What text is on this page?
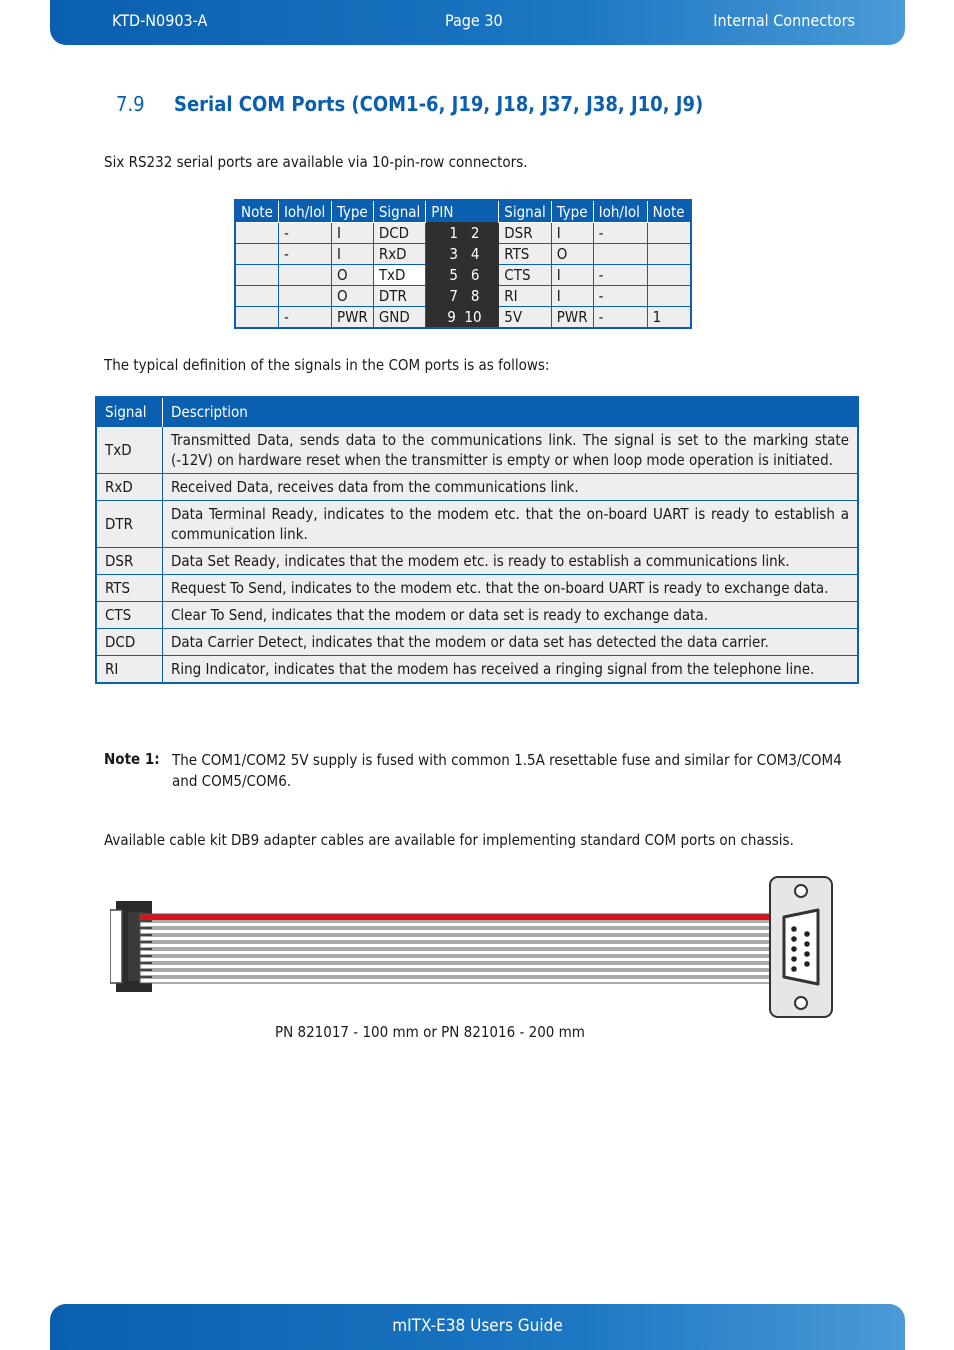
KTD-N0903-A	Page 30	Internal Connectors
7.9 Serial COM Ports (COM1-6, J19, J18, J37, J38, J10, J9)
Six RS232 serial ports are available via 10-pin-row connectors.
Note	Ioh/Iol	Type	Signal	PIN	Signal	Type	Ioh/Iol	Note
	-	I	DCD	1   2	DSR	I	-	
	-	I	RxD	3   4	RTS	O		
		O	TxD	5   6	CTS	I	-	
		O	DTR	7   8	RI	I	-	
	-	PWR	GND	9  10	5V	PWR	-	1
The typical definition of the signals in the COM ports is as follows:
Signal	Description
TxD	Transmitted Data, sends data to the communications link. The signal is set to the marking state (-12V) on hardware reset when the transmitter is empty or when loop mode operation is initiated.
RxD	Received Data, receives data from the communications link.
DTR	Data Terminal Ready, indicates to the modem etc. that the on-board UART is ready to establish a communication link.
DSR	Data Set Ready, indicates that the modem etc. is ready to establish a communications link.
RTS	Request To Send, indicates to the modem etc. that the on-board UART is ready to exchange data.
CTS	Clear To Send, indicates that the modem or data set is ready to exchange data.
DCD	Data Carrier Detect, indicates that the modem or data set has detected the data carrier.
RI	Ring Indicator, indicates that the modem has received a ringing signal from the telephone line.
Note 1: The COM1/COM2 5V supply is fused with common 1.5A resettable fuse and similar for COM3/COM4 and COM5/COM6.
Available cable kit DB9 adapter cables are available for implementing standard COM ports on chassis.
PN 821017 - 100 mm or PN 821016 - 200 mm
mITX-E38 Users Guide
